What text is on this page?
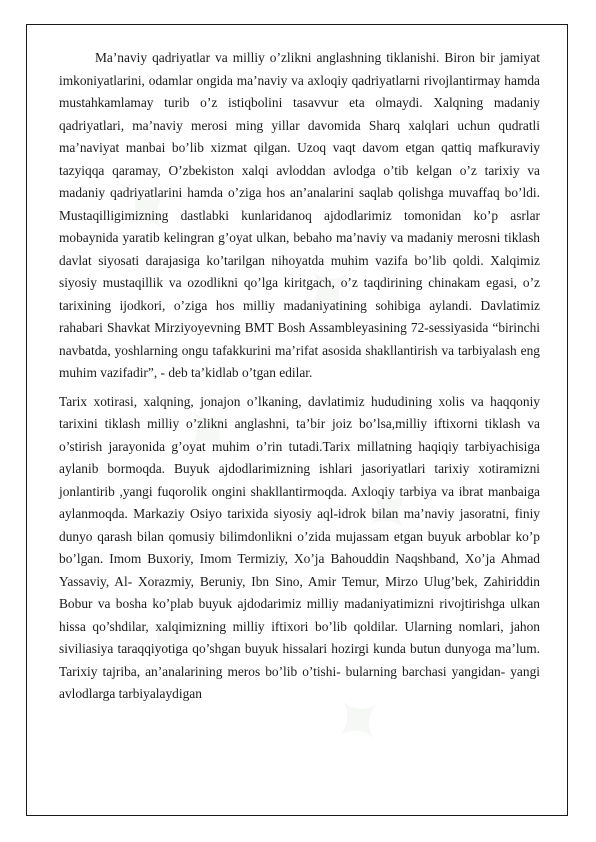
✦
✦
✦
✦
✦
✦

Ma’naviy qadriyatlar va milliy o’zlikni anglashning tiklanishi. Biron bir jamiyat imkoniyatlarini, odamlar ongida ma’naviy va axloqiy qadriyatlarni rivojlantirmay hamda mustahkamlamay turib o’z istiqbolini tasavvur eta olmaydi. Xalqning madaniy qadriyatlari, ma’naviy merosi ming yillar davomida Sharq xalqlari uchun qudratli ma’naviyat manbai bo’lib xizmat qilgan. Uzoq vaqt davom etgan qattiq mafkuraviy tazyiqqa qaramay, O’zbekiston xalqi avloddan avlodga o’tib kelgan o’z tarixiy va madaniy qadriyatlarini hamda o’ziga hos an’analarini saqlab qolishga muvaffaq bo’ldi. Mustaqilligimizning dastlabki kunlaridanoq ajdodlarimiz tomonidan ko’p asrlar mobaynida yaratib kelingran g’oyat ulkan, bebaho ma’naviy va madaniy merosni tiklash davlat siyosati darajasiga ko’tarilgan nihoyatda muhim vazifa bo’lib qoldi. Xalqimiz siyosiy mustaqillik va ozodlikni qo’lga kiritgach, o’z taqdirining chinakam egasi, o’z tarixining ijodkori, o’ziga hos milliy madaniyatining sohibiga aylandi. Davlatimiz rahabari Shavkat Mirziyoyevning BMT Bosh Assambleyasining 72-sessiyasida “birinchi navbatda, yoshlarning ongu tafakkurini ma’rifat asosida shakllantirish va tarbiyalash eng muhim vazifadir”, - deb ta’kidlab o’tgan edilar.

Tarix xotirasi, xalqning, jonajon o’lkaning, davlatimiz hududining xolis va haqqoniy tarixini tiklash milliy o’zlikni anglashni, ta’bir joiz bo’lsa,milliy iftixorni tiklash va o’stirish jarayonida g’oyat muhim o’rin tutadi.Tarix millatning haqiqiy tarbiyachisiga aylanib bormoqda. Buyuk ajdodlarimizning ishlari jasoriyatlari tarixiy xotiramizni jonlantirib ,yangi fuqorolik ongini shakllantirmoqda. Axloqiy tarbiya va ibrat manbaiga aylanmoqda. Markaziy Osiyo tarixida siyosiy aql-idrok bilan ma’naviy jasoratni, finiy dunyo qarash bilan qomusiy bilimdonlikni o’zida mujassam etgan buyuk arboblar ko’p bo’lgan. Imom Buxoriy, Imom Termiziy, Xo’ja Bahouddin Naqshband, Xo’ja Ahmad Yassaviy, Al- Xorazmiy, Beruniy, Ibn Sino, Amir Temur, Mirzo Ulug’bek, Zahiriddin Bobur va bosha ko’plab buyuk ajdodarimiz milliy madaniyatimizni rivojtirishga ulkan hissa qo’shdilar, xalqimizning milliy iftixori bo’lib qoldilar. Ularning nomlari, jahon siviliasiya taraqqiyotiga qo’shgan buyuk hissalari hozirgi kunda butun dunyoga ma’lum. Tarixiy tajriba, an’analarining meros bo’lib o’tishi- bularning barchasi yangidan- yangi avlodlarga tarbiyalaydigan
